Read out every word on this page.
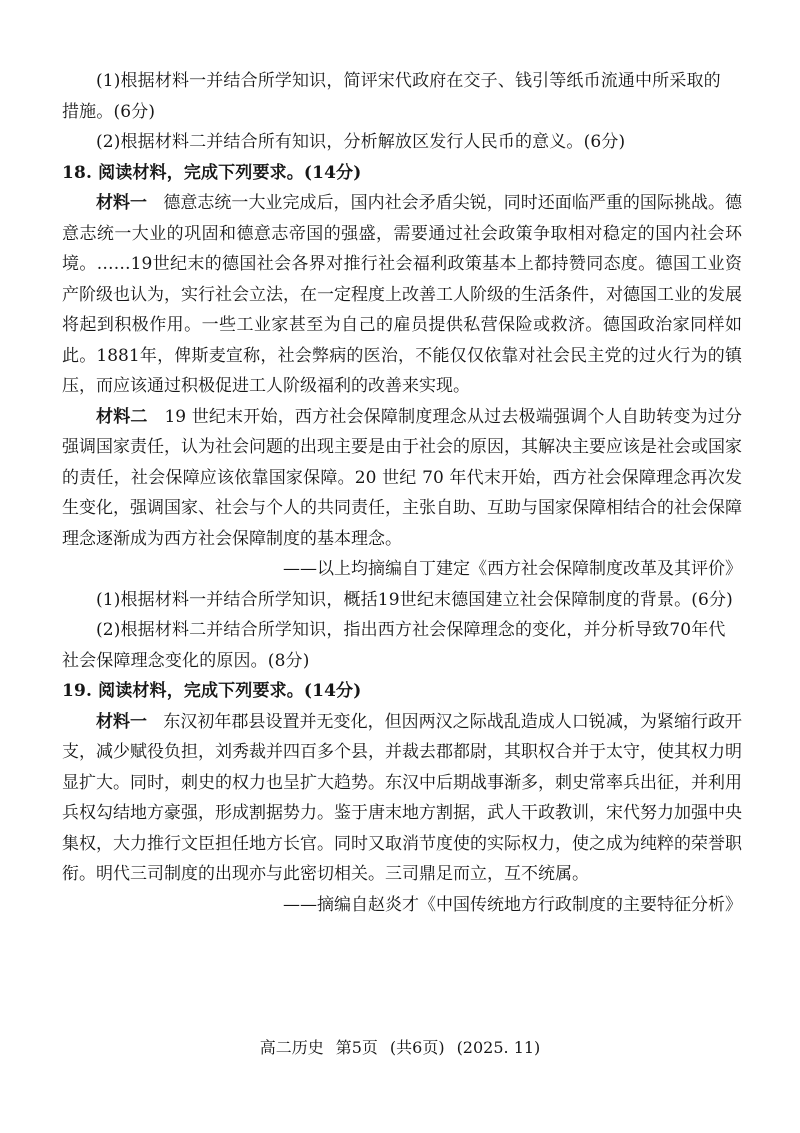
(1)根据材料一并结合所学知识，简评宋代政府在交子、钱引等纸币流通中所采取的
措施。(6分)
(2)根据材料二并结合所有知识，分析解放区发行人民币的意义。(6分)
18. 阅读材料，完成下列要求。(14分)
材料一 德意志统一大业完成后，国内社会矛盾尖锐，同时还面临严重的国际挑战。德意志统一大业的巩固和德意志帝国的强盛，需要通过社会政策争取相对稳定的国内社会环境。……19世纪末的德国社会各界对推行社会福利政策基本上都持赞同态度。德国工业资产阶级也认为，实行社会立法，在一定程度上改善工人阶级的生活条件，对德国工业的发展将起到积极作用。一些工业家甚至为自己的雇员提供私营保险或救济。德国政治家同样如此。1881年，俾斯麦宣称，社会弊病的医治，不能仅仅依靠对社会民主党的过火行为的镇压，而应该通过积极促进工人阶级福利的改善来实现。
材料二 19 世纪末开始，西方社会保障制度理念从过去极端强调个人自助转变为过分强调国家责任，认为社会问题的出现主要是由于社会的原因，其解决主要应该是社会或国家的责任，社会保障应该依靠国家保障。20 世纪 70 年代末开始，西方社会保障理念再次发生变化，强调国家、社会与个人的共同责任，主张自助、互助与国家保障相结合的社会保障理念逐渐成为西方社会保障制度的基本理念。
——以上均摘编自丁建定《西方社会保障制度改革及其评价》
(1)根据材料一并结合所学知识，概括19世纪末德国建立社会保障制度的背景。(6分)
(2)根据材料二并结合所学知识，指出西方社会保障理念的变化，并分析导致70年代
社会保障理念变化的原因。(8分)
19. 阅读材料，完成下列要求。(14分)
材料一 东汉初年郡县设置并无变化，但因两汉之际战乱造成人口锐减，为紧缩行政开支，减少赋役负担，刘秀裁并四百多个县，并裁去郡都尉，其职权合并于太守，使其权力明显扩大。同时，刺史的权力也呈扩大趋势。东汉中后期战事渐多，刺史常率兵出征，并利用兵权勾结地方豪强，形成割据势力。鉴于唐末地方割据，武人干政教训，宋代努力加强中央集权，大力推行文臣担任地方长官。同时又取消节度使的实际权力，使之成为纯粹的荣誉职衔。明代三司制度的出现亦与此密切相关。三司鼎足而立，互不统属。
——摘编自赵炎才《中国传统地方行政制度的主要特征分析》
高二历史 第5页 (共6页) (2025. 11)
